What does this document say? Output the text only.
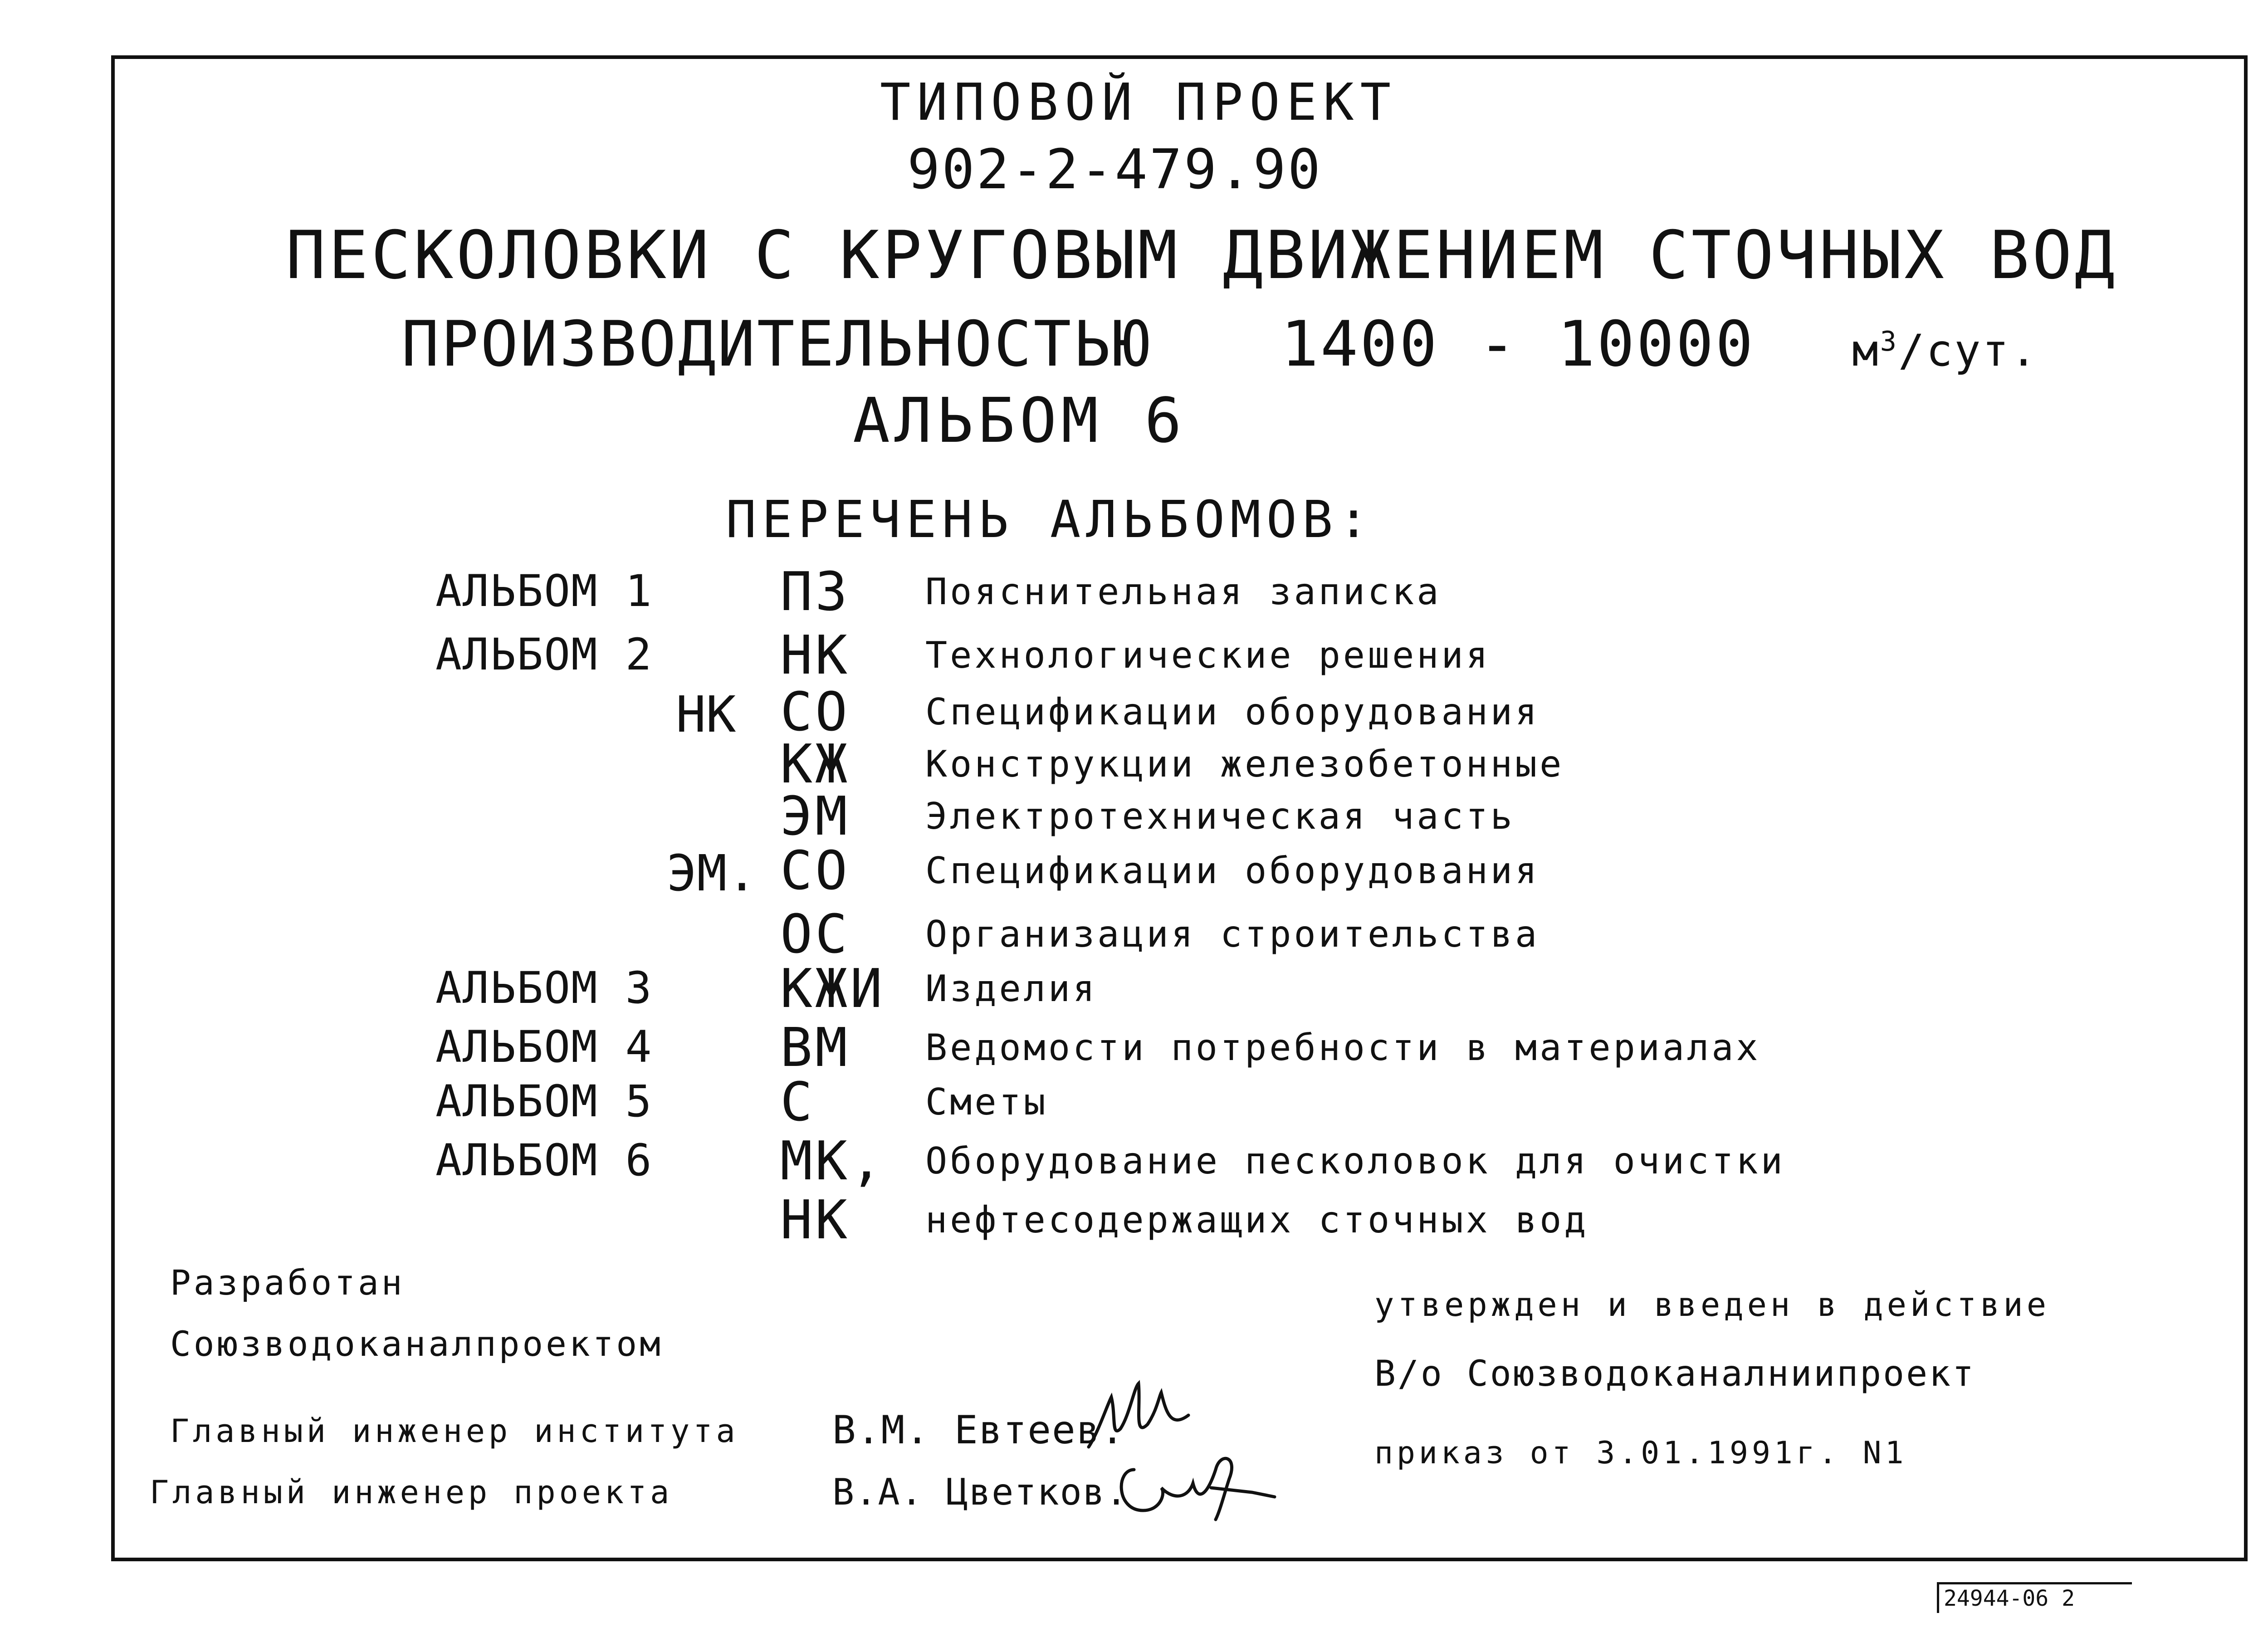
ТИПОВОЙ ПРОЕКТ
902-2-479.90
ПЕСКОЛОВКИ С КРУГОВЫМ ДВИЖЕНИЕМ СТОЧНЫХ ВОД
ПРОИЗВОДИТЕЛЬНОСТЬЮ 1400 - 10000 $м^3$/сут.
АЛЬБОМ 6
ПЕРЕЧЕНЬ АЛЬБОМОВ:
АЛЬБОМ 1 ПЗ Пояснительная записка
АЛЬБОМ 2 НК Технологические решения
НК СО Спецификации оборудования
КЖ Конструкции железобетонные
ЭМ Электротехническая часть
ЭМ. СО Спецификации оборудования
ОС Организация строительства
АЛЬБОМ 3 КЖИ Изделия
АЛЬБОМ 4 ВМ Ведомости потребности в материалах
АЛЬБОМ 5 С	Сметы
АЛЬБОМ 6 МК, Оборудование песколовок для очистки
НК нефтесодержащих сточных вод
Разработан
Союзводоканалпроектом
утвержден и введен в действие
В/о Союзводоканалниипроект
приказ от 3.01.1991г. N1
Главный инженер института В.М. Евтеев.
Главный инженер проекта	В.А. Цветков.
24944-06 2
